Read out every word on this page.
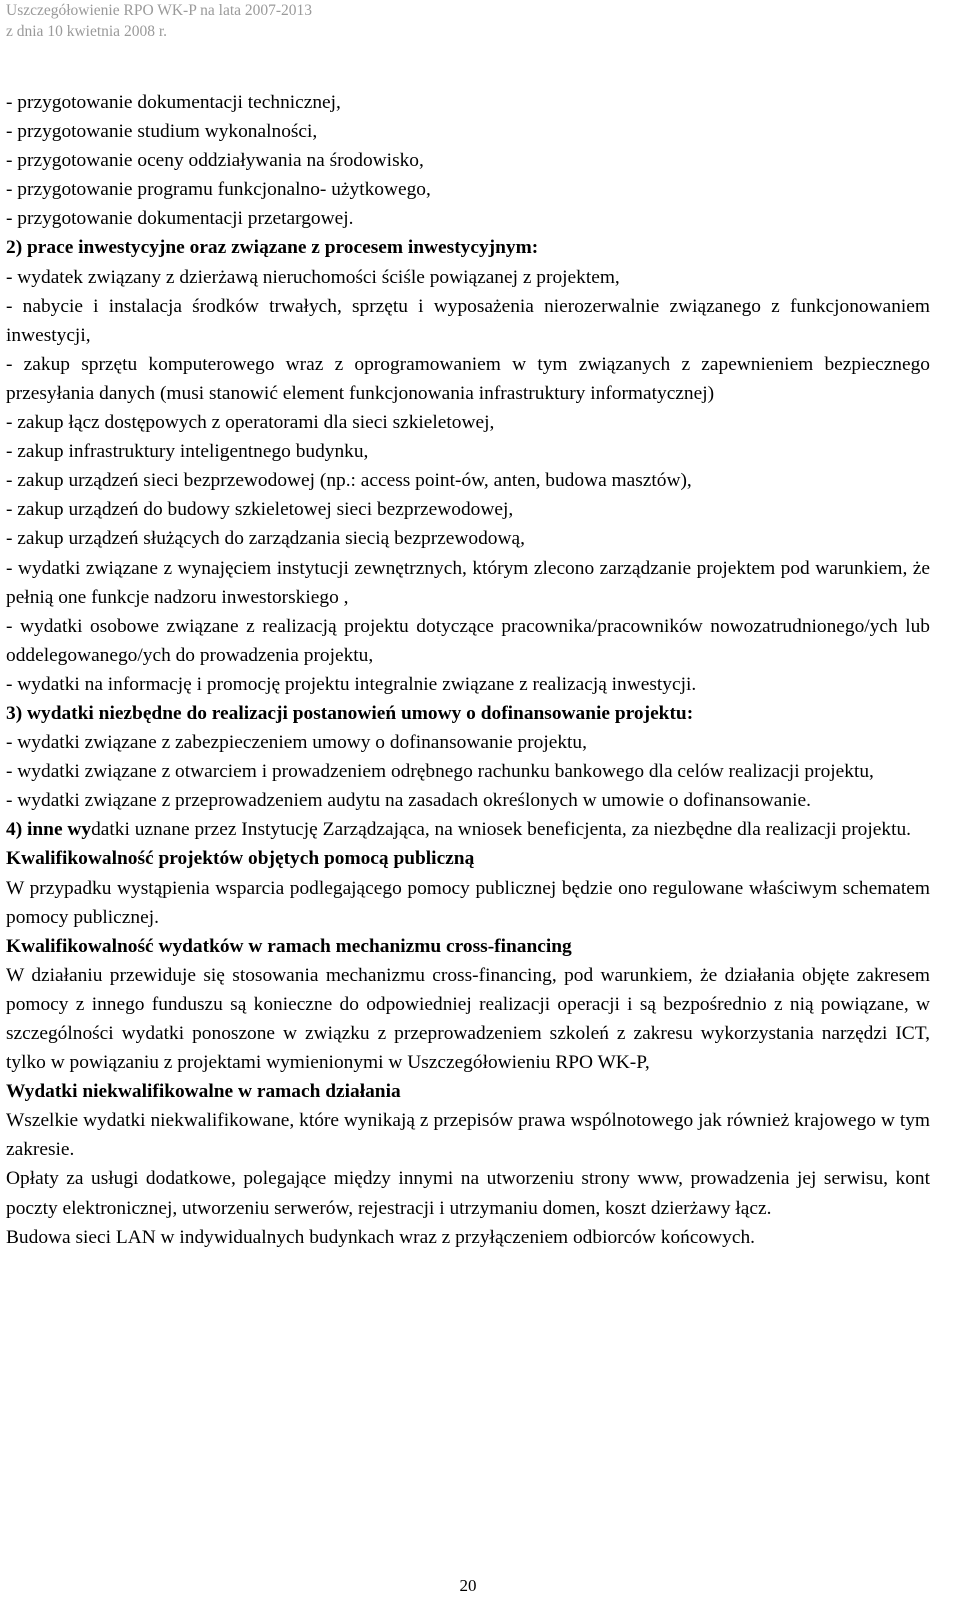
Uszczegółowienie RPO WK-P na lata 2007-2013
z dnia 10 kwietnia 2008 r.

- przygotowanie dokumentacji technicznej,

- przygotowanie studium wykonalności,

- przygotowanie oceny oddziaływania na środowisko,

- przygotowanie programu funkcjonalno- użytkowego,

- przygotowanie dokumentacji przetargowej.

2) prace inwestycyjne oraz związane z procesem inwestycyjnym:

- wydatek związany z dzierżawą nieruchomości ściśle powiązanej z projektem,

- nabycie i instalacja środków trwałych, sprzętu i wyposażenia nierozerwalnie związanego z funkcjonowaniem inwestycji,

- zakup sprzętu komputerowego wraz z oprogramowaniem w tym związanych z zapewnieniem bezpiecznego przesyłania danych (musi stanowić element funkcjonowania infrastruktury informatycznej)

- zakup łącz dostępowych z operatorami dla sieci szkieletowej,

- zakup infrastruktury inteligentnego budynku,

- zakup urządzeń sieci bezprzewodowej (np.: access point-ów, anten, budowa masztów),

- zakup urządzeń do budowy szkieletowej sieci bezprzewodowej,

- zakup urządzeń służących do zarządzania siecią bezprzewodową,

- wydatki związane z wynajęciem instytucji zewnętrznych, którym zlecono zarządzanie projektem pod warunkiem, że pełnią one funkcje nadzoru inwestorskiego ,

- wydatki osobowe związane z realizacją projektu dotyczące pracownika/pracowników nowozatrudnionego/ych lub oddelegowanego/ych do prowadzenia projektu,

- wydatki na informację i promocję projektu integralnie związane z realizacją inwestycji.

3) wydatki niezbędne do realizacji postanowień umowy o dofinansowanie projektu:

- wydatki związane z zabezpieczeniem umowy o dofinansowanie projektu,

- wydatki związane z otwarciem i prowadzeniem odrębnego rachunku bankowego dla celów realizacji projektu,

- wydatki związane z przeprowadzeniem audytu na zasadach określonych w umowie o dofinansowanie.

4) inne wydatki uznane przez Instytucję Zarządzająca, na wniosek beneficjenta, za niezbędne dla realizacji projektu.

Kwalifikowalność projektów objętych pomocą publiczną

W przypadku wystąpienia wsparcia podlegającego pomocy publicznej będzie ono regulowane właściwym schematem pomocy publicznej.

Kwalifikowalność wydatków w ramach mechanizmu cross-financing

W działaniu przewiduje się stosowania mechanizmu cross-financing, pod warunkiem, że działania objęte zakresem pomocy z innego funduszu są konieczne do odpowiedniej realizacji operacji i są bezpośrednio z nią powiązane, w szczególności wydatki ponoszone w związku z przeprowadzeniem szkoleń z zakresu wykorzystania narzędzi ICT, tylko w powiązaniu z projektami wymienionymi w Uszczegółowieniu RPO WK-P,

Wydatki niekwalifikowalne w ramach działania

Wszelkie wydatki niekwalifikowane, które wynikają z przepisów prawa wspólnotowego jak również krajowego w tym zakresie.

Opłaty za usługi dodatkowe, polegające między innymi na utworzeniu strony www, prowadzenia jej serwisu, kont poczty elektronicznej, utworzeniu serwerów, rejestracji i utrzymaniu domen, koszt dzierżawy łącz.

Budowa sieci LAN w indywidualnych budynkach wraz z przyłączeniem odbiorców końcowych.

20
